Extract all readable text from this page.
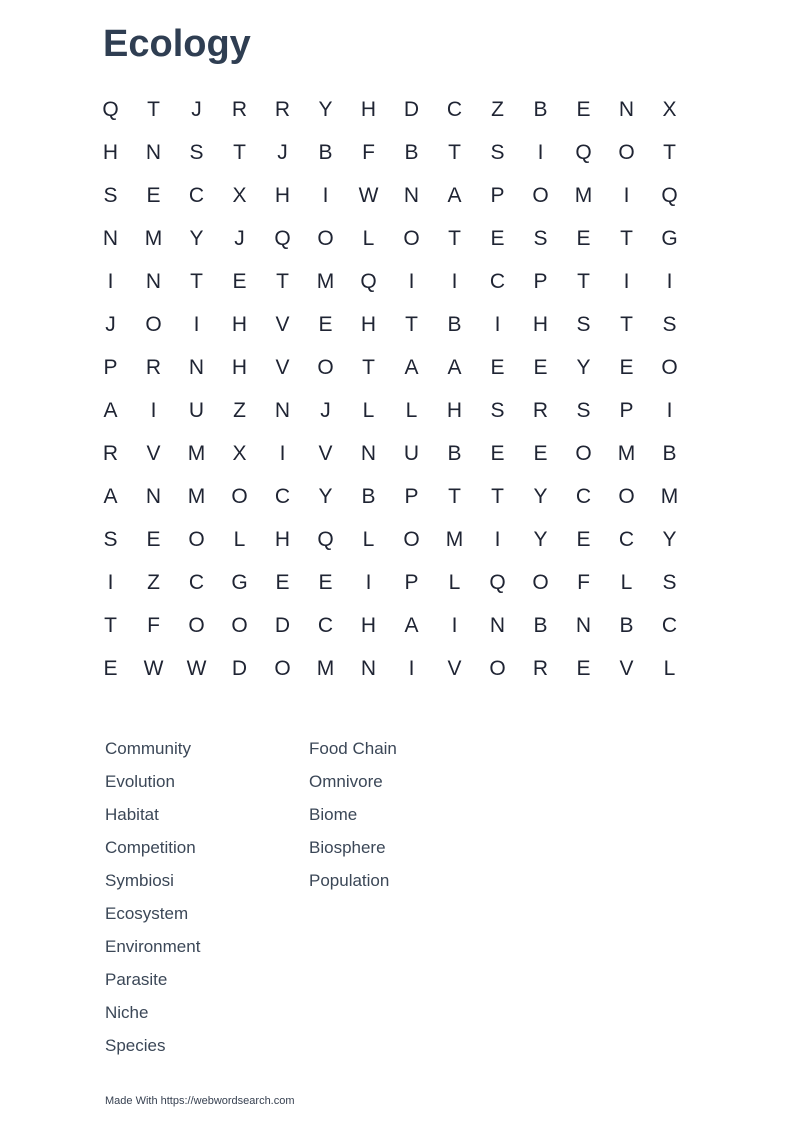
Ecology
Q	T	J	R	R	Y	H	D	C	Z	B	E	N	X
H	N	S	T	J	B	F	B	T	S	I	Q	O	T
S	E	C	X	H	I	W	N	A	P	O	M	I	Q
N	M	Y	J	Q	O	L	O	T	E	S	E	T	G
I	N	T	E	T	M	Q	I	I	C	P	T	I	I
J	O	I	H	V	E	H	T	B	I	H	S	T	S
P	R	N	H	V	O	T	A	A	E	E	Y	E	O
A	I	U	Z	N	J	L	L	H	S	R	S	P	I
R	V	M	X	I	V	N	U	B	E	E	O	M	B
A	N	M	O	C	Y	B	P	T	T	Y	C	O	M
S	E	O	L	H	Q	L	O	M	I	Y	E	C	Y
I	Z	C	G	E	E	I	P	L	Q	O	F	L	S
T	F	O	O	D	C	H	A	I	N	B	N	B	C
E	W	W	D	O	M	N	I	V	O	R	E	V	L
Community
Evolution
Habitat
Competition
Symbiosi
Ecosystem
Environment
Parasite
Niche
Species
Food Chain
Omnivore
Biome
Biosphere
Population
Made With https://webwordsearch.com
